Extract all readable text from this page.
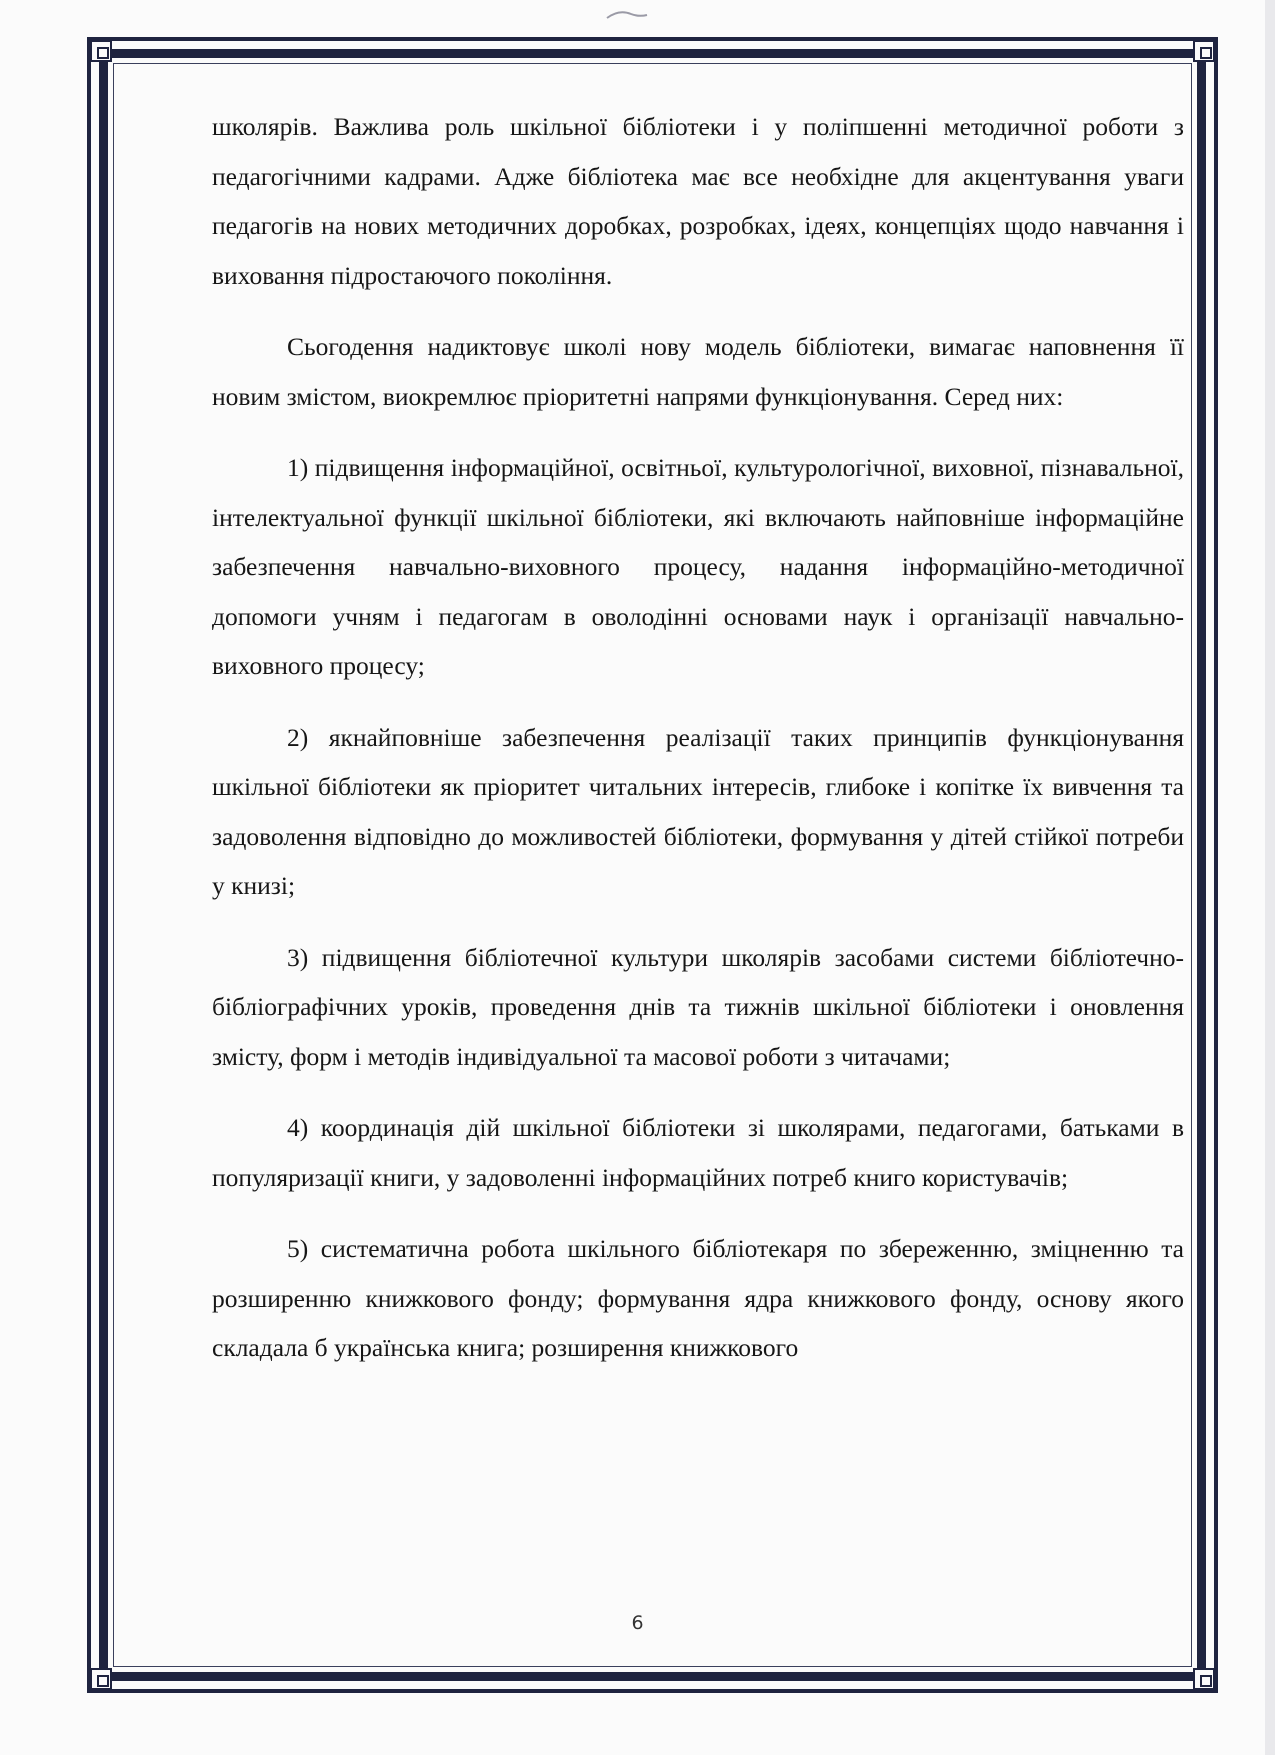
школярів. Важлива роль шкільної бібліотеки і у поліпшенні методичної роботи з педагогічними кадрами. Адже бібліотека має все необхідне для акцентування уваги педагогів на нових методичних доробках, розробках, ідеях, концепціях щодо навчання і виховання підростаючого покоління.

Сьогодення надиктовує школі нову модель бібліотеки, вимагає наповнення її новим змістом, виокремлює пріоритетні напрями функціонування. Серед них:

1) підвищення інформаційної, освітньої, культурологічної, виховної, пізнавальної, інтелектуальної функції шкільної бібліотеки, які включають найповніше інформаційне забезпечення навчально-виховного процесу, надання інформаційно-методичної допомоги учням і педагогам в оволодінні основами наук і організації навчально-виховного процесу;

2) якнайповніше забезпечення реалізації таких принципів функціонування шкільної бібліотеки як пріоритет читальних інтересів, глибоке і копітке їх вивчення та задоволення відповідно до можливостей бібліотеки, формування у дітей стійкої потреби у книзі;

3) підвищення бібліотечної культури школярів засобами системи бібліотечно-бібліографічних уроків, проведення днів та тижнів шкільної бібліотеки і оновлення змісту, форм і методів індивідуальної та масової роботи з читачами;

4) координація дій шкільної бібліотеки зі школярами, педагогами, батьками в популяризації книги, у задоволенні інформаційних потреб книго користувачів;

5) систематична робота шкільного бібліотекаря по збереженню, зміцненню та розширенню книжкового фонду; формування ядра книжкового фонду, основу якого складала б українська книга; розширення книжкового

6
